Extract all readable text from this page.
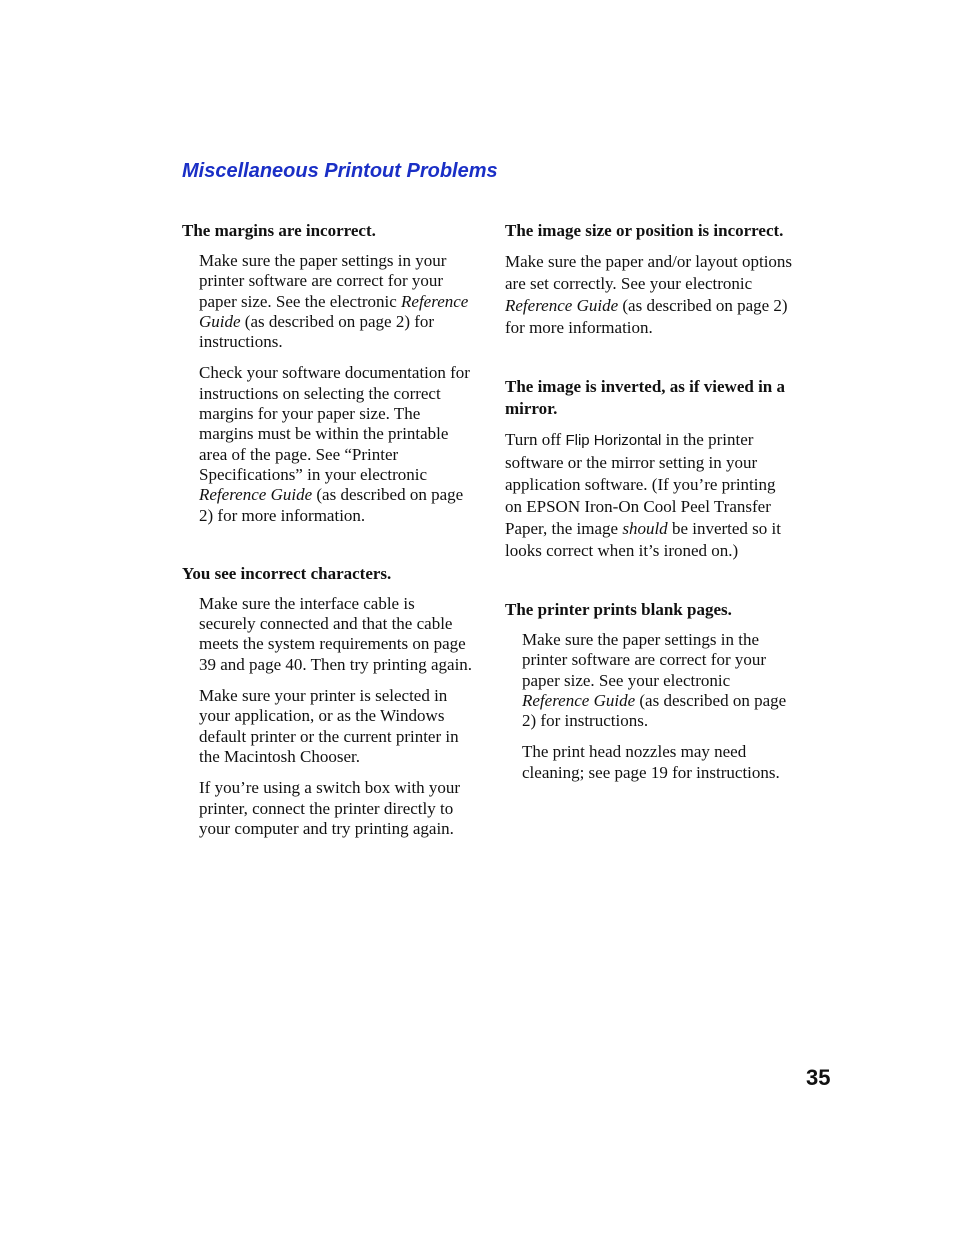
Miscellaneous Printout Problems

The margins are incorrect.

Make sure the paper settings in your printer software are correct for your paper size. See the electronic Reference Guide (as described on page 2) for instructions.

Check your software documentation for instructions on selecting the correct margins for your paper size. The margins must be within the printable area of the page. See “Printer Specifications” in your electronic Reference Guide (as described on page 2) for more information.

You see incorrect characters.

Make sure the interface cable is securely connected and that the cable meets the system requirements on page 39 and page 40. Then try printing again.

Make sure your printer is selected in your application, or as the Windows default printer or the current printer in the Macintosh Chooser.

If you’re using a switch box with your printer, connect the printer directly to your computer and try printing again.

The image size or position is incorrect.

Make sure the paper and/or layout options are set correctly. See your electronic Reference Guide (as described on page 2) for more information.

The image is inverted, as if viewed in a mirror.

Turn off Flip Horizontal in the printer software or the mirror setting in your application software. (If you’re printing on EPSON Iron-On Cool Peel Transfer Paper, the image should be inverted so it looks correct when it’s ironed on.)

The printer prints blank pages.

Make sure the paper settings in the printer software are correct for your paper size. See your electronic Reference Guide (as described on page 2) for instructions.

The print head nozzles may need cleaning; see page 19 for instructions.

35
